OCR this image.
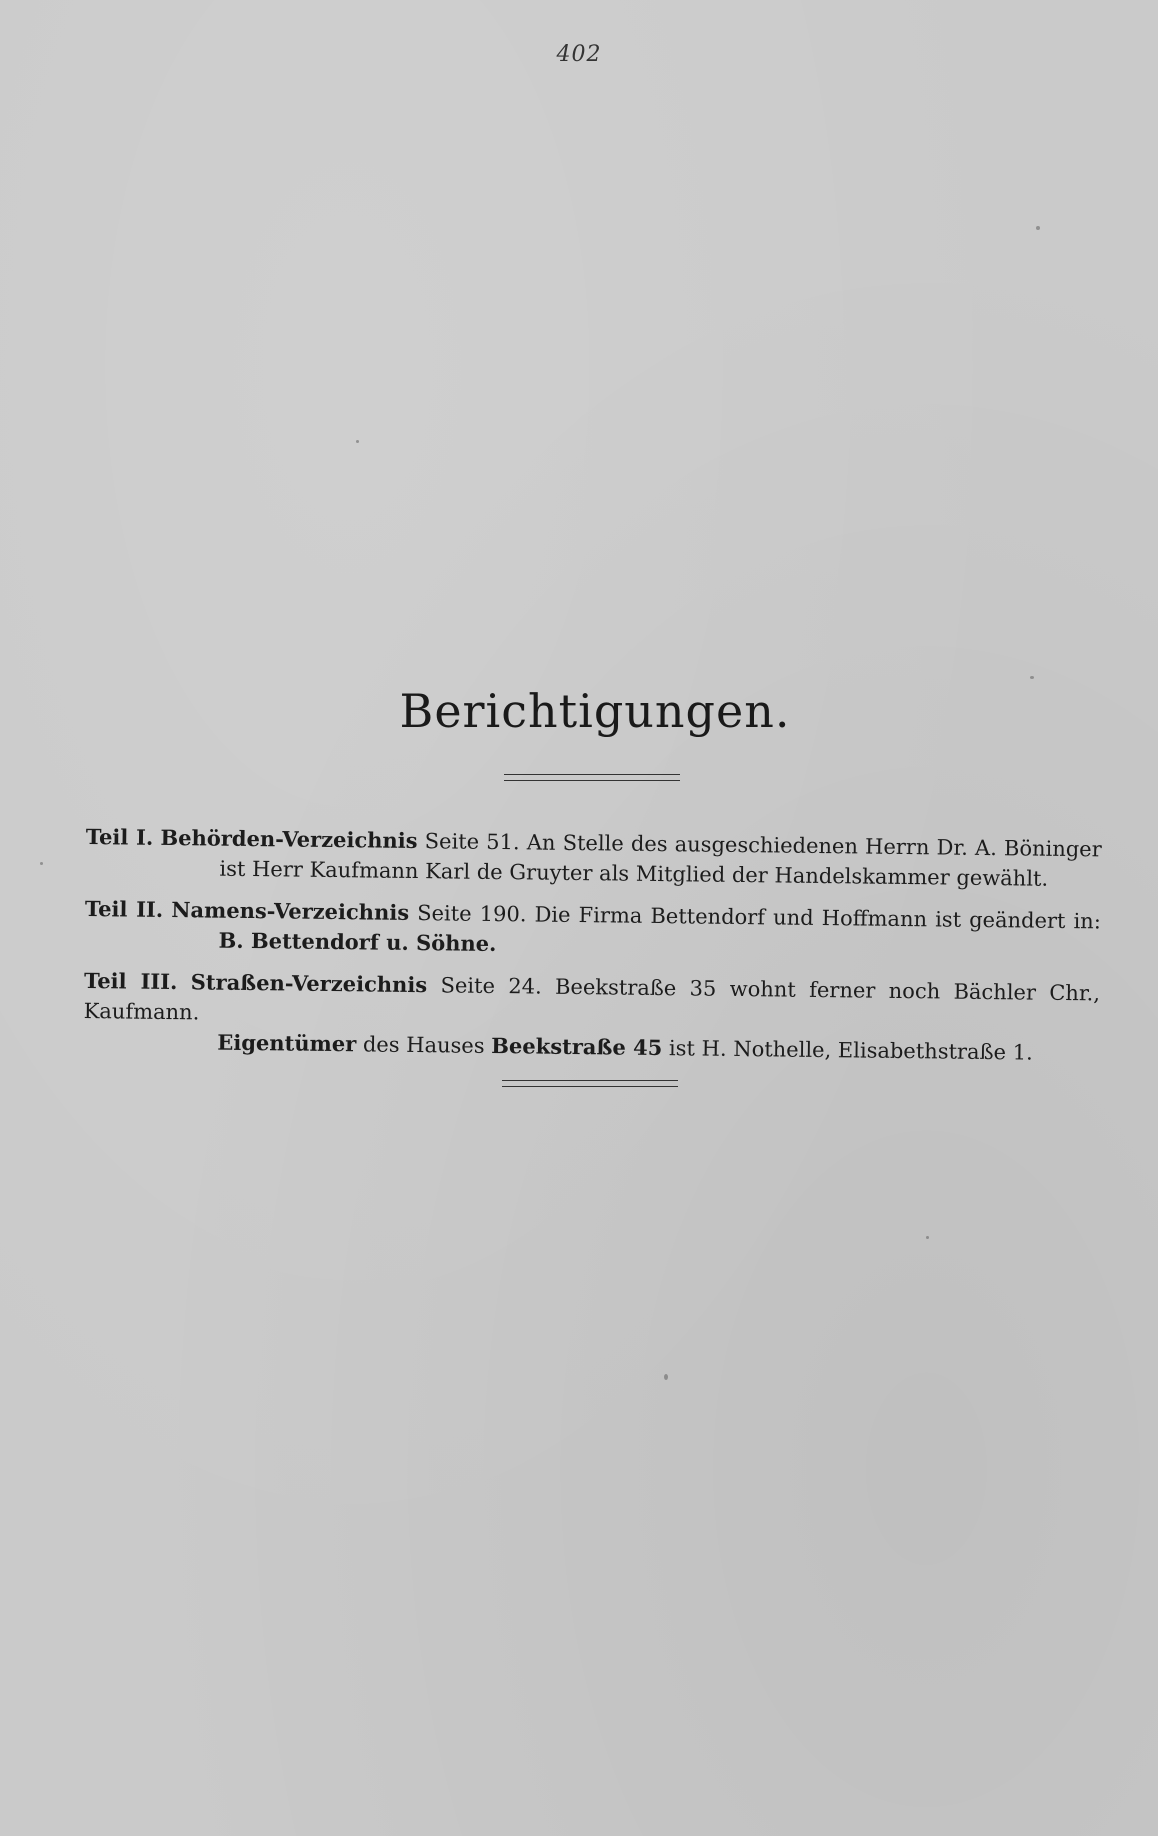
402
Berichtigungen.
Teil I. Behörden-Verzeichnis Seite 51. An Stelle des ausgeschiedenen Herrn Dr. A. Böninger
ist Herr Kaufmann Karl de Gruyter als Mitglied der Handelskammer gewählt.
Teil II. Namens-Verzeichnis Seite 190. Die Firma Bettendorf und Hoffmann ist geändert in:
B. Bettendorf u. Söhne.
Teil III. Straßen-Verzeichnis Seite 24. Beekstraße 35 wohnt ferner noch Bächler Chr., Kaufmann.
Eigentümer des Hauses Beekstraße 45 ist H. Nothelle, Elisabethstraße 1.
